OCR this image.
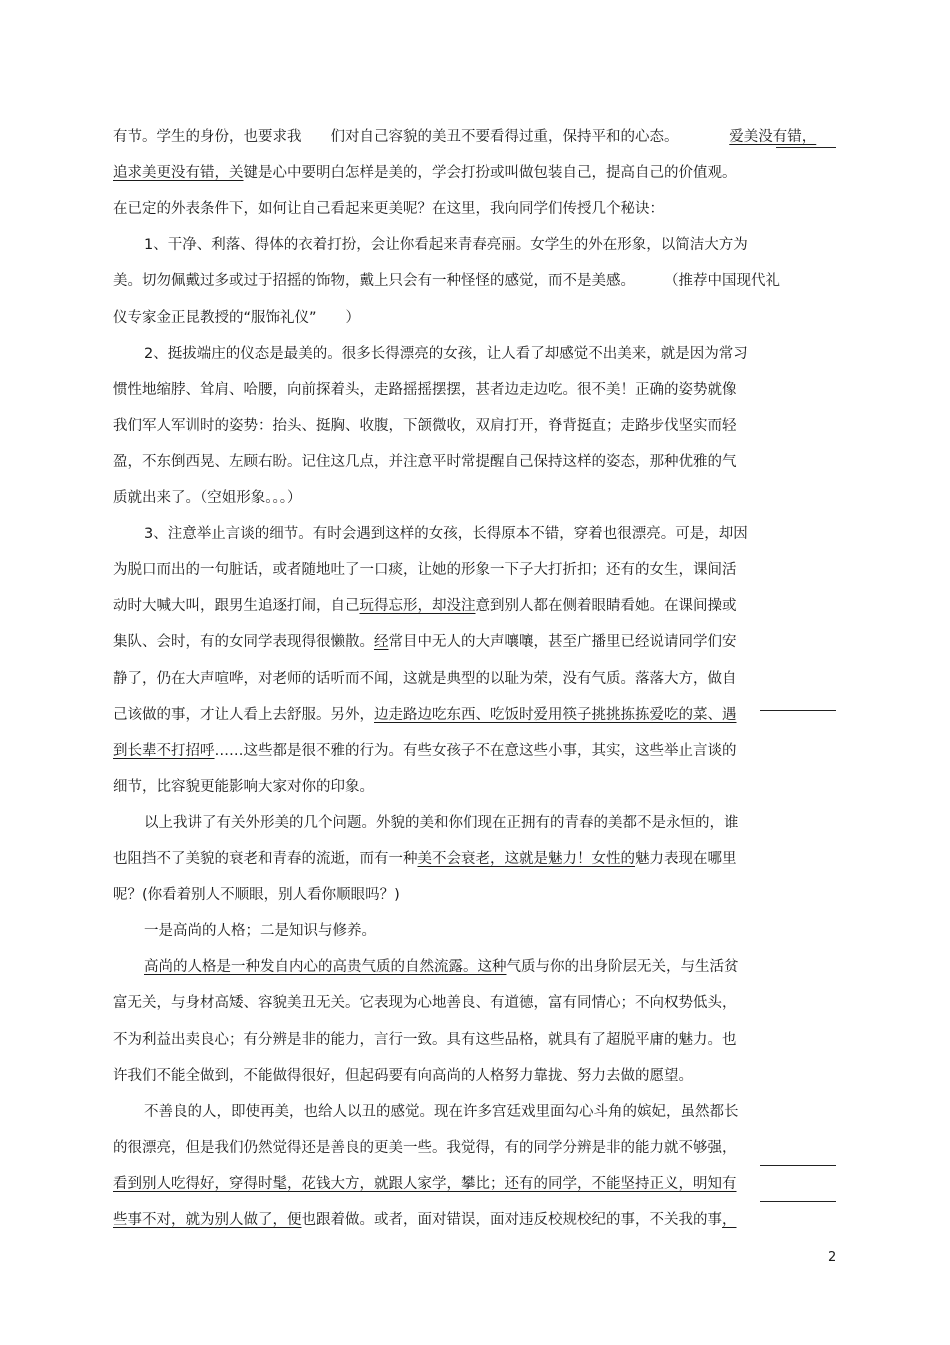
有节。学生的身份，也要求我　　们对自己容貌的美丑不要看得过重，保持平和的心态。　　　　爱美没有错，
追求美更没有错，关键是心中要明白怎样是美的，学会打扮或叫做包装自己，提高自己的价值观。
在已定的外表条件下，如何让自己看起来更美呢？在这里，我向同学们传授几个秘诀：
1、干净、利落、得体的衣着打扮，会让你看起来青春亮丽。女学生的外在形象，以简洁大方为
美。切勿佩戴过多或过于招摇的饰物，戴上只会有一种怪怪的感觉，而不是美感。　　　（推荐中国现代礼
仪专家金正昆教授的“服饰礼仪”　　）
2、挺拔端庄的仪态是最美的。很多长得漂亮的女孩，让人看了却感觉不出美来，就是因为常习
惯性地缩脖、耸肩、哈腰，向前探着头，走路摇摇摆摆，甚者边走边吃。很不美！正确的姿势就像
我们军人军训时的姿势：抬头、挺胸、收腹，下颌微收，双肩打开，脊背挺直；走路步伐坚实而轻
盈，不东倒西晃、左顾右盼。记住这几点，并注意平时常提醒自己保持这样的姿态，那种优雅的气
质就出来了。（空姐形象。。。）
3、注意举止言谈的细节。有时会遇到这样的女孩，长得原本不错，穿着也很漂亮。可是，却因
为脱口而出的一句脏话，或者随地吐了一口痰，让她的形象一下子大打折扣；还有的女生，课间活
动时大喊大叫，跟男生追逐打闹，自己玩得忘形，却没注意到别人都在侧着眼睛看她。在课间操或
集队、会时，有的女同学表现得很懒散。经常目中无人的大声嚷嚷，甚至广播里已经说请同学们安
静了，仍在大声喧哗，对老师的话听而不闻，这就是典型的以耻为荣，没有气质。落落大方，做自
己该做的事，才让人看上去舒服。另外，边走路边吃东西、吃饭时爱用筷子挑挑拣拣爱吃的菜、遇
到长辈不打招呼……这些都是很不雅的行为。有些女孩子不在意这些小事，其实，这些举止言谈的
细节，比容貌更能影响大家对你的印象。
以上我讲了有关外形美的几个问题。外貌的美和你们现在正拥有的青春的美都不是永恒的，谁
也阻挡不了美貌的衰老和青春的流逝，而有一种美不会衰老，这就是魅力！女性的魅力表现在哪里
呢？(你看着别人不顺眼，别人看你顺眼吗？)
一是高尚的人格；二是知识与修养。
高尚的人格是一种发自内心的高贵气质的自然流露。这种气质与你的出身阶层无关，与生活贫
富无关，与身材高矮、容貌美丑无关。它表现为心地善良、有道德，富有同情心；不向权势低头，
不为利益出卖良心；有分辨是非的能力，言行一致。具有这些品格，就具有了超脱平庸的魅力。也
许我们不能全做到，不能做得很好，但起码要有向高尚的人格努力靠拢、努力去做的愿望。
不善良的人，即使再美，也给人以丑的感觉。现在许多宫廷戏里面勾心斗角的嫔妃，虽然都长
的很漂亮，但是我们仍然觉得还是善良的更美一些。我觉得，有的同学分辨是非的能力就不够强，
看到别人吃得好，穿得时髦，花钱大方，就跟人家学，攀比；还有的同学，不能坚持正义，明知有
些事不对，就为别人做了，便也跟着做。或者，面对错误，面对违反校规校纪的事，不关我的事，
2
